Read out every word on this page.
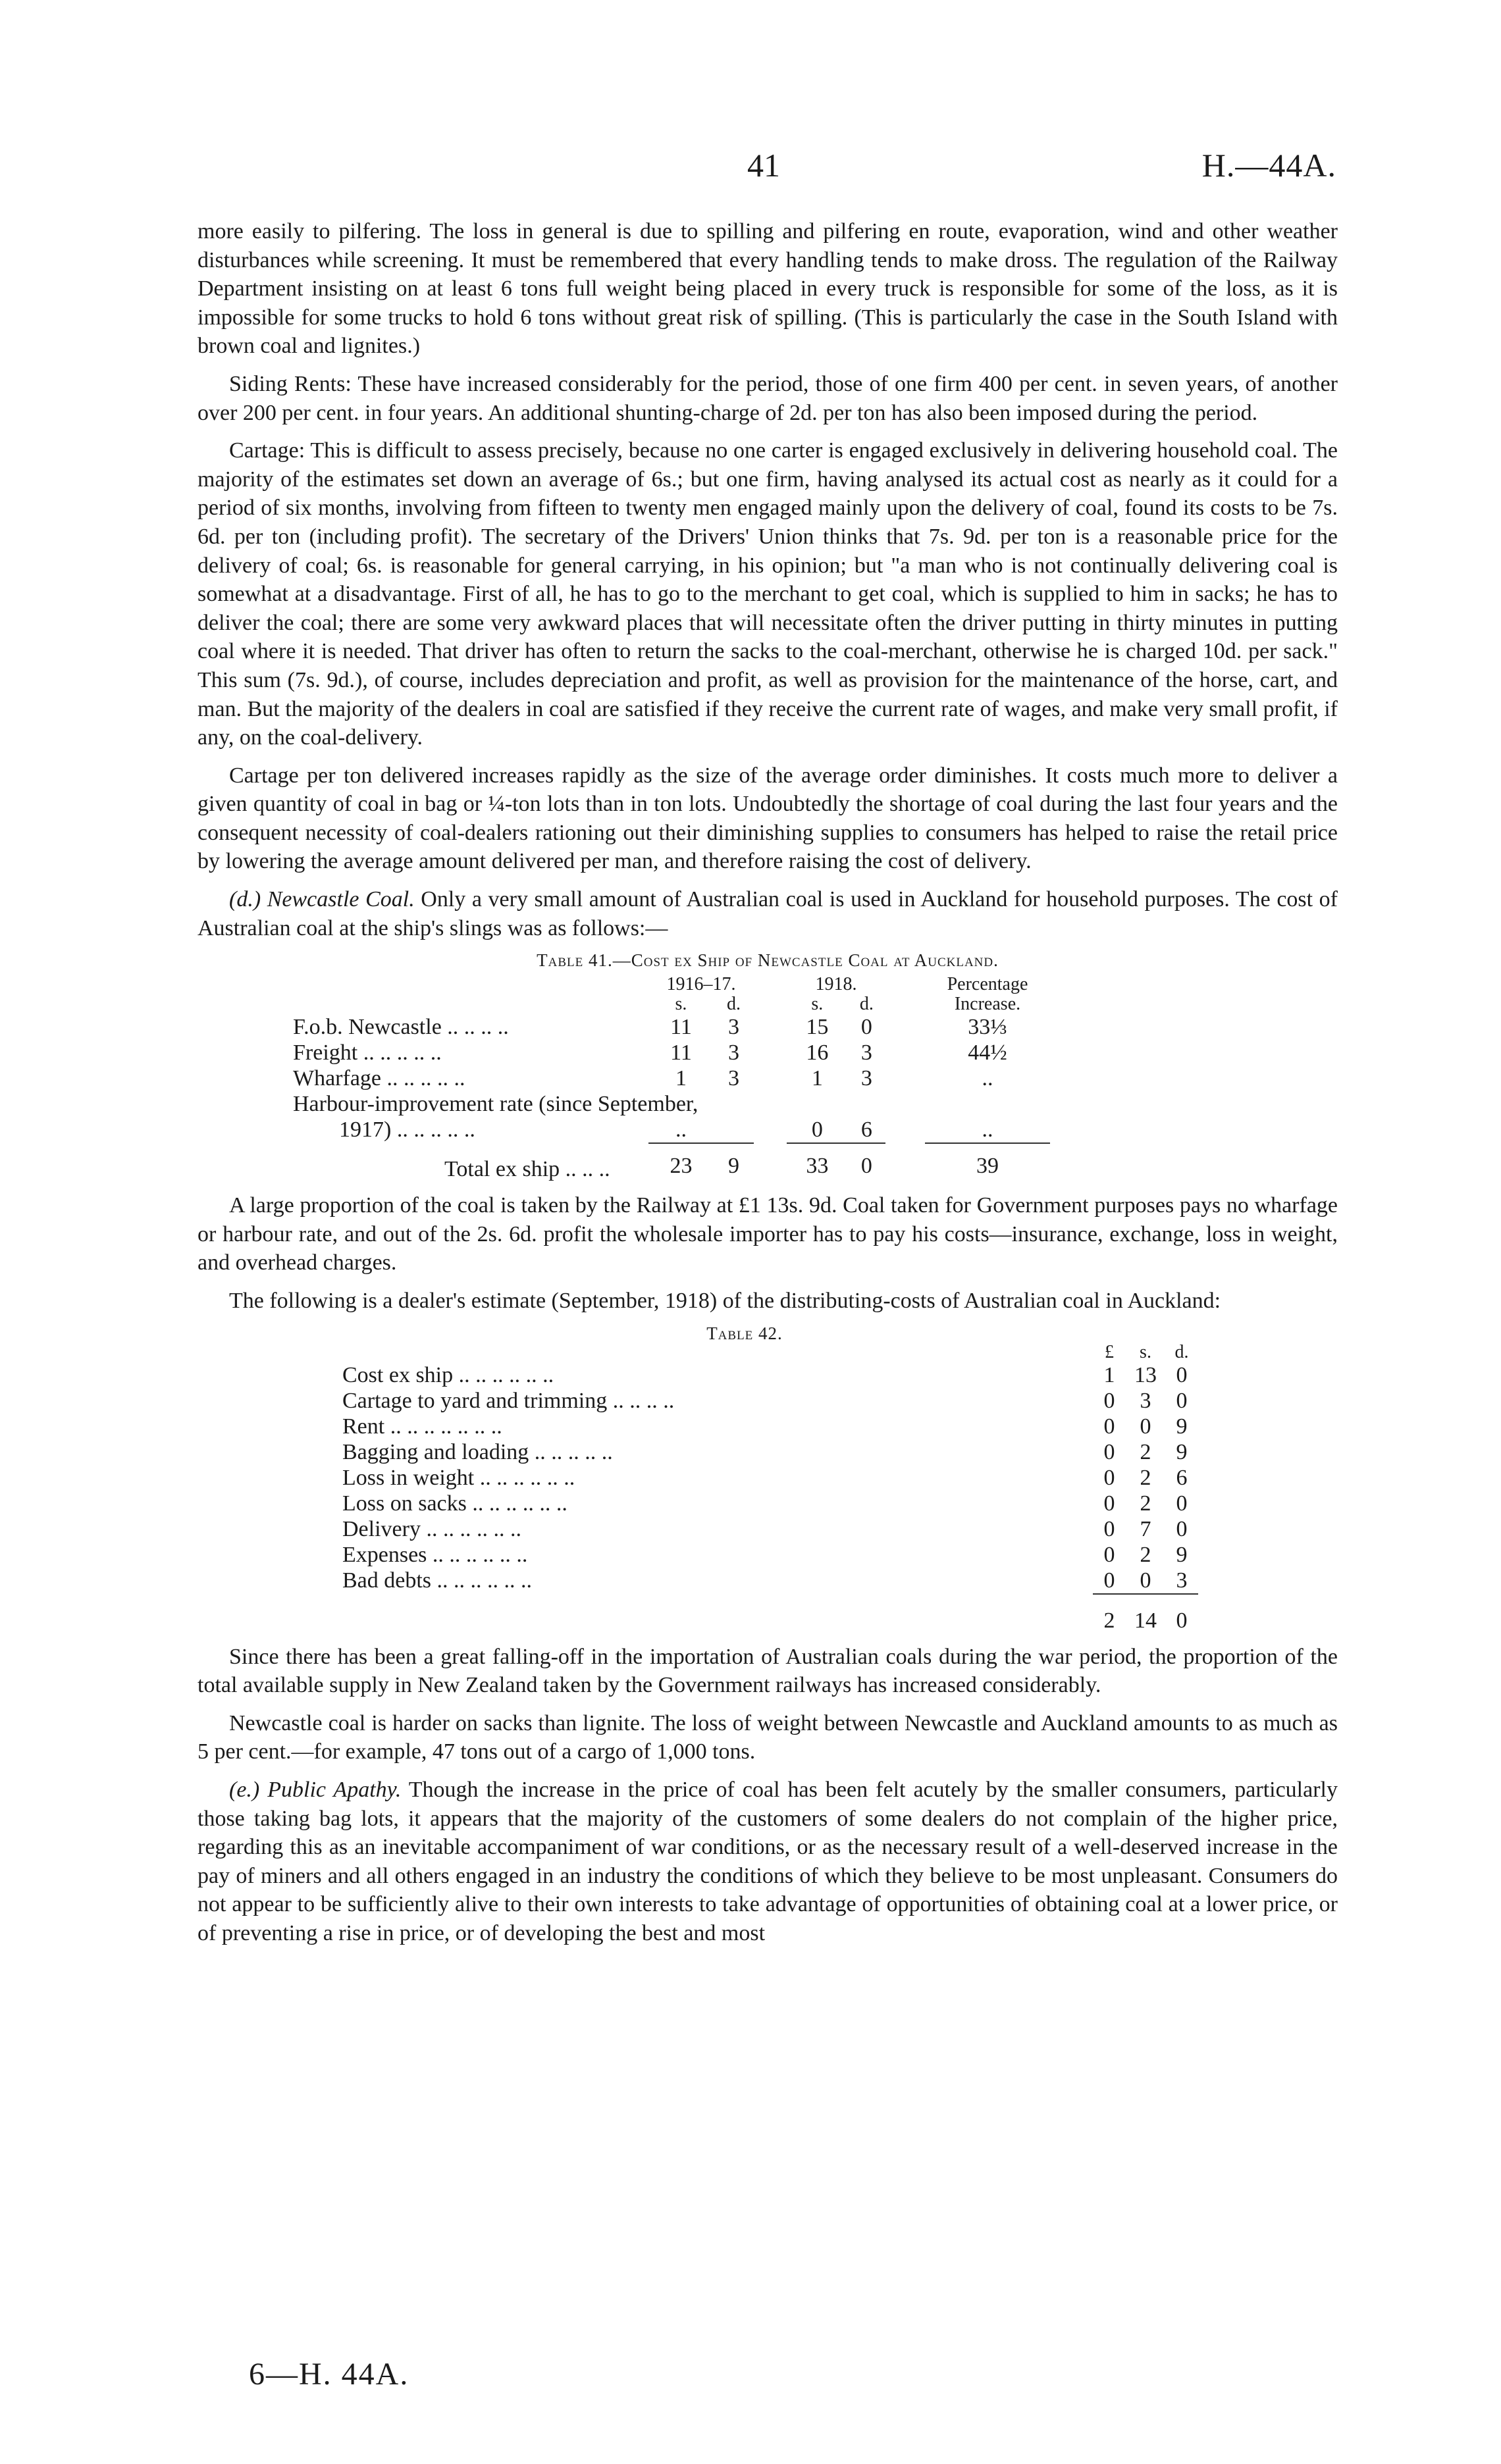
41	H.—44A.

more easily to pilfering. The loss in general is due to spilling and pilfering en route, evaporation, wind and other weather disturbances while screening. It must be remembered that every handling tends to make dross. The regulation of the Railway Department insisting on at least 6 tons full weight being placed in every truck is responsible for some of the loss, as it is impossible for some trucks to hold 6 tons without great risk of spilling. (This is particularly the case in the South Island with brown coal and lignites.)

Siding Rents: These have increased considerably for the period, those of one firm 400 per cent. in seven years, of another over 200 per cent. in four years. An additional shunting-charge of 2d. per ton has also been imposed during the period.

Cartage: This is difficult to assess precisely, because no one carter is engaged exclusively in delivering household coal. The majority of the estimates set down an average of 6s.; but one firm, having analysed its actual cost as nearly as it could for a period of six months, involving from fifteen to twenty men engaged mainly upon the delivery of coal, found its costs to be 7s. 6d. per ton (including profit). The secretary of the Drivers' Union thinks that 7s. 9d. per ton is a reasonable price for the delivery of coal; 6s. is reasonable for general carrying, in his opinion; but "a man who is not continually delivering coal is somewhat at a disadvantage. First of all, he has to go to the merchant to get coal, which is supplied to him in sacks; he has to deliver the coal; there are some very awkward places that will necessitate often the driver putting in thirty minutes in putting coal where it is needed. That driver has often to return the sacks to the coal-merchant, otherwise he is charged 10d. per sack." This sum (7s. 9d.), of course, includes depreciation and profit, as well as provision for the maintenance of the horse, cart, and man. But the majority of the dealers in coal are satisfied if they receive the current rate of wages, and make very small profit, if any, on the coal-delivery.

Cartage per ton delivered increases rapidly as the size of the average order diminishes. It costs much more to deliver a given quantity of coal in bag or ¼-ton lots than in ton lots. Undoubtedly the shortage of coal during the last four years and the consequent necessity of coal-dealers rationing out their diminishing supplies to consumers has helped to raise the retail price by lowering the average amount delivered per man, and therefore raising the cost of delivery.

(d.) Newcastle Coal. Only a very small amount of Australian coal is used in Auckland for household purposes. The cost of Australian coal at the ship's slings was as follows:—

Table 41.—Cost ex Ship of Newcastle Coal at Auckland.
	1916–17.			1918.			Percentage
	s.	d.		s.	d.		Increase.
F.o.b. Newcastle .. .. .. ..	11	3		15	0		33⅓
Freight .. .. .. .. ..	11	3		16	3		44½
Wharfage .. .. .. .. ..	1	3		1	3		..
Harbour-improvement rate (since September,							
1917) .. .. .. .. ..	..			0	6		..
Total ex ship .. .. ..	23	9		33	0		39

A large proportion of the coal is taken by the Railway at £1 13s. 9d. Coal taken for Government purposes pays no wharfage or harbour rate, and out of the 2s. 6d. profit the wholesale importer has to pay his costs—insurance, exchange, loss in weight, and overhead charges.

The following is a dealer's estimate (September, 1918) of the distributing-costs of Australian coal in Auckland:

Table 42.
	£	s.	d.
Cost ex ship .. .. .. .. .. ..	1	13	0
Cartage to yard and trimming .. .. .. ..	0	3	0
Rent .. .. .. .. .. .. ..	0	0	9
Bagging and loading .. .. .. .. ..	0	2	9
Loss in weight .. .. .. .. .. ..	0	2	6
Loss on sacks .. .. .. .. .. ..	0	2	0
Delivery .. .. .. .. .. ..	0	7	0
Expenses .. .. .. .. .. ..	0	2	9
Bad debts .. .. .. .. .. ..	0	0	3
	2	14	0

Since there has been a great falling-off in the importation of Australian coals during the war period, the proportion of the total available supply in New Zealand taken by the Government railways has increased considerably.

Newcastle coal is harder on sacks than lignite. The loss of weight between Newcastle and Auckland amounts to as much as 5 per cent.—for example, 47 tons out of a cargo of 1,000 tons.

(e.) Public Apathy. Though the increase in the price of coal has been felt acutely by the smaller consumers, particularly those taking bag lots, it appears that the majority of the customers of some dealers do not complain of the higher price, regarding this as an inevitable accompaniment of war conditions, or as the necessary result of a well-deserved increase in the pay of miners and all others engaged in an industry the conditions of which they believe to be most unpleasant. Consumers do not appear to be sufficiently alive to their own interests to take advantage of opportunities of obtaining coal at a lower price, or of preventing a rise in price, or of developing the best and most

6—H. 44A.
